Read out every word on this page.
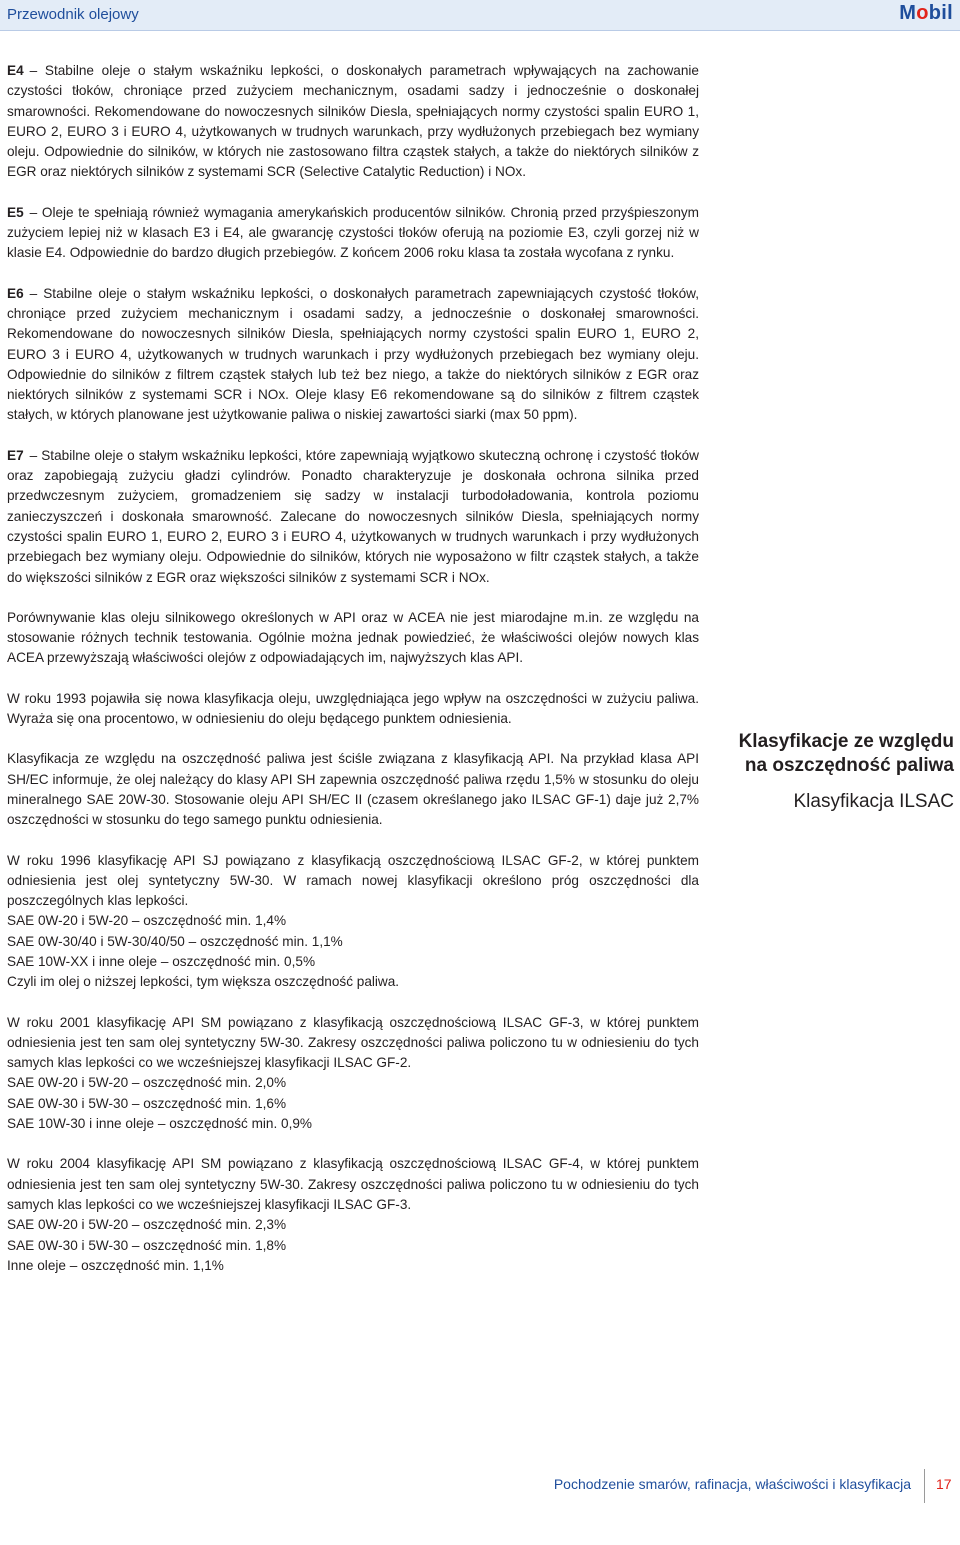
Przewodnik olejowy	Mobil
E4 – Stabilne oleje o stałym wskaźniku lepkości, o doskonałych parametrach wpływających na zachowanie czystości tłoków, chroniące przed zużyciem mechanicznym, osadami sadzy i jednocześnie o doskonałej smarowności. Rekomendowane do nowoczesnych silników Diesla, spełniających normy czystości spalin EURO 1, EURO 2, EURO 3 i EURO 4, użytkowanych w trudnych warunkach, przy wydłużonych przebiegach bez wymiany oleju. Odpowiednie do silników, w których nie zastosowano filtra cząstek stałych, a także do niektórych silników z EGR oraz niektórych silników z systemami SCR (Selective Catalytic Reduction) i NOx.
E5 – Oleje te spełniają również wymagania amerykańskich producentów silników. Chronią przed przyśpieszonym zużyciem lepiej niż w klasach E3 i E4, ale gwarancję czystości tłoków oferują na poziomie E3, czyli gorzej niż w klasie E4. Odpowiednie do bardzo długich przebiegów. Z końcem 2006 roku klasa ta została wycofana z rynku.
E6 – Stabilne oleje o stałym wskaźniku lepkości, o doskonałych parametrach zapewniających czystość tłoków, chroniące przed zużyciem mechanicznym i osadami sadzy, a jednocześnie o doskonałej smarowności. Rekomendowane do nowoczesnych silników Diesla, spełniających normy czystości spalin EURO 1, EURO 2, EURO 3 i EURO 4, użytkowanych w trudnych warunkach i przy wydłużonych przebiegach bez wymiany oleju. Odpowiednie do silników z filtrem cząstek stałych lub też bez niego, a także do niektórych silników z EGR oraz niektórych silników z systemami SCR i NOx. Oleje klasy E6 rekomendowane są do silników z filtrem cząstek stałych, w których planowane jest użytkowanie paliwa o niskiej zawartości siarki (max 50 ppm).
E7 – Stabilne oleje o stałym wskaźniku lepkości, które zapewniają wyjątkowo skuteczną ochronę i czystość tłoków oraz zapobiegają zużyciu gładzi cylindrów. Ponadto charakteryzuje je doskonała ochrona silnika przed przedwczesnym zużyciem, gromadzeniem się sadzy w instalacji turbodoładowania, kontrola poziomu zanieczyszczeń i doskonała smarowność. Zalecane do nowoczesnych silników Diesla, spełniających normy czystości spalin EURO 1, EURO 2, EURO 3 i EURO 4, użytkowanych w trudnych warunkach i przy wydłużonych przebiegach bez wymiany oleju. Odpowiednie do silników, których nie wyposażono w filtr cząstek stałych, a także do większości silników z EGR oraz większości silników z systemami SCR i NOx.
Porównywanie klas oleju silnikowego określonych w API oraz w ACEA nie jest miarodajne m.in. ze względu na stosowanie różnych technik testowania. Ogólnie można jednak powiedzieć, że właściwości olejów nowych klas ACEA przewyższają właściwości olejów z odpowiadających im, najwyższych klas API.
W roku 1993 pojawiła się nowa klasyfikacja oleju, uwzględniająca jego wpływ na oszczędności w zużyciu paliwa. Wyraża się ona procentowo, w odniesieniu do oleju będącego punktem odniesienia.
Klasyfikacja ze względu na oszczędność paliwa jest ściśle związana z klasyfikacją API. Na przykład klasa API SH/EC informuje, że olej należący do klasy API SH zapewnia oszczędność paliwa rzędu 1,5% w stosunku do oleju mineralnego SAE 20W-30. Stosowanie oleju API SH/EC II (czasem określanego jako ILSAC GF-1) daje już 2,7% oszczędności w stosunku do tego samego punktu odniesienia.
W roku 1996 klasyfikację API SJ powiązano z klasyfikacją oszczędnościową ILSAC GF-2, w której punktem odniesienia jest olej syntetyczny 5W-30. W ramach nowej klasyfikacji określono próg oszczędności dla poszczególnych klas lepkości.
SAE 0W-20 i 5W-20 – oszczędność min. 1,4%
SAE 0W-30/40 i 5W-30/40/50 – oszczędność min. 1,1%
SAE 10W-XX i inne oleje – oszczędność min. 0,5%
Czyli im olej o niższej lepkości, tym większa oszczędność paliwa.
W roku 2001 klasyfikację API SM powiązano z klasyfikacją oszczędnościową ILSAC GF-3, w której punktem odniesienia jest ten sam olej syntetyczny 5W-30. Zakresy oszczędności paliwa policzono tu w odniesieniu do tych samych klas lepkości co we wcześniejszej klasyfikacji ILSAC GF-2.
SAE 0W-20 i 5W-20 – oszczędność min. 2,0%
SAE 0W-30 i 5W-30 – oszczędność min. 1,6%
SAE 10W-30 i inne oleje – oszczędność min. 0,9%
W roku 2004 klasyfikację API SM powiązano z klasyfikacją oszczędnościową ILSAC GF-4, w której punktem odniesienia jest ten sam olej syntetyczny 5W-30. Zakresy oszczędności paliwa policzono tu w odniesieniu do tych samych klas lepkości co we wcześniejszej klasyfikacji ILSAC GF-3.
SAE 0W-20 i 5W-20 – oszczędność min. 2,3%
SAE 0W-30 i 5W-30 – oszczędność min. 1,8%
Inne oleje – oszczędność min. 1,1%
Klasyfikacje ze względu
na oszczędność paliwa
Klasyfikacja ILSAC
Pochodzenie smarów, rafinacja, właściwości i klasyfikacja 17
